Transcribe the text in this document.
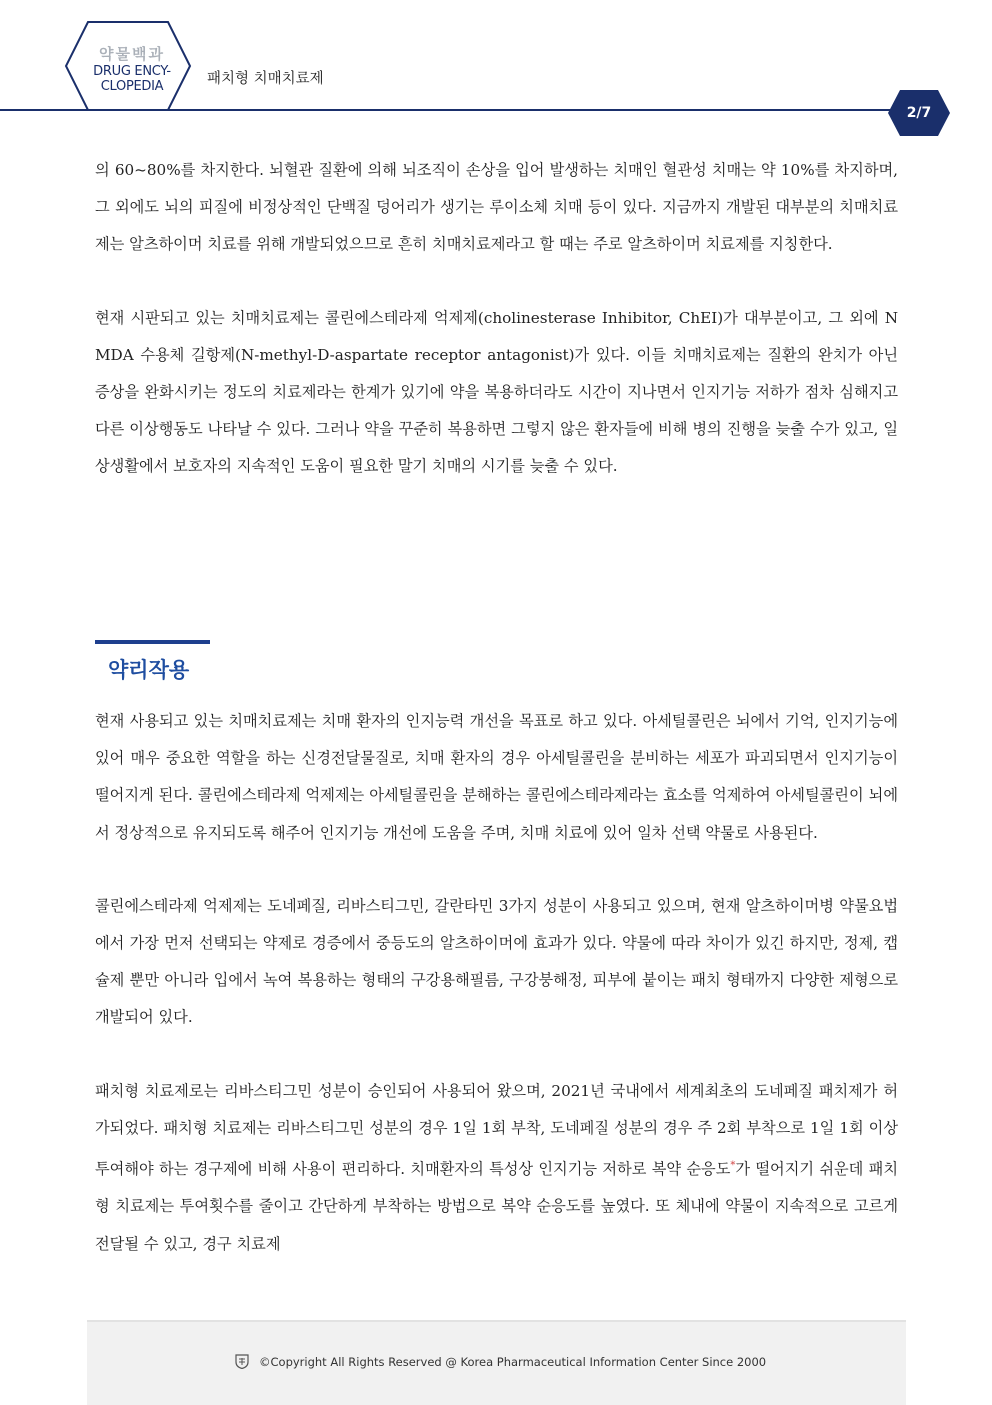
약물백과
DRUG ENCY-
CLOPEDIA	패치형 치매치료제
2/7

의 60~80%를 차지한다. 뇌혈관 질환에 의해 뇌조직이 손상을 입어 발생하는 치매인 혈관성 치매는 약 10%를 차지하며, 그 외에도 뇌의 피질에 비정상적인 단백질 덩어리가 생기는 루이소체 치매 등이 있다. 지금까지 개발된 대부분의 치매치료제는 알츠하이머 치료를 위해 개발되었으므로 흔히 치매치료제라고 할 때는 주로 알츠하이머 치료제를 지칭한다.

현재 시판되고 있는 치매치료제는 콜린에스테라제 억제제(cholinesterase Inhibitor, ChEI)가 대부분이고, 그 외에 NMDA 수용체 길항제(N-methyl-D-aspartate receptor antagonist)가 있다. 이들 치매치료제는 질환의 완치가 아닌 증상을 완화시키는 정도의 치료제라는 한계가 있기에 약을 복용하더라도 시간이 지나면서 인지기능 저하가 점차 심해지고 다른 이상행동도 나타날 수 있다. 그러나 약을 꾸준히 복용하면 그렇지 않은 환자들에 비해 병의 진행을 늦출 수가 있고, 일상생활에서 보호자의 지속적인 도움이 필요한 말기 치매의 시기를 늦출 수 있다.

약리작용

현재 사용되고 있는 치매치료제는 치매 환자의 인지능력 개선을 목표로 하고 있다. 아세틸콜린은 뇌에서 기억, 인지기능에 있어 매우 중요한 역할을 하는 신경전달물질로, 치매 환자의 경우 아세틸콜린을 분비하는 세포가 파괴되면서 인지기능이 떨어지게 된다. 콜린에스테라제 억제제는 아세틸콜린을 분해하는 콜린에스테라제라는 효소를 억제하여 아세틸콜린이 뇌에서 정상적으로 유지되도록 해주어 인지기능 개선에 도움을 주며, 치매 치료에 있어 일차 선택 약물로 사용된다.

콜린에스테라제 억제제는 도네페질, 리바스티그민, 갈란타민 3가지 성분이 사용되고 있으며, 현재 알츠하이머병 약물요법에서 가장 먼저 선택되는 약제로 경증에서 중등도의 알츠하이머에 효과가 있다. 약물에 따라 차이가 있긴 하지만, 정제, 캡슐제 뿐만 아니라 입에서 녹여 복용하는 형태의 구강용해필름, 구강붕해정, 피부에 붙이는 패치 형태까지 다양한 제형으로 개발되어 있다.

패치형 치료제로는 리바스티그민 성분이 승인되어 사용되어 왔으며, 2021년 국내에서 세계최초의 도네페질 패치제가 허가되었다. 패치형 치료제는 리바스티그민 성분의 경우 1일 1회 부착, 도네페질 성분의 경우 주 2회 부착으로 1일 1회 이상 투여해야 하는 경구제에 비해 사용이 편리하다. 치매환자의 특성상 인지기능 저하로 복약 순응도*가 떨어지기 쉬운데 패치형 치료제는 투여횟수를 줄이고 간단하게 부착하는 방법으로 복약 순응도를 높였다. 또 체내에 약물이 지속적으로 고르게 전달될 수 있고, 경구 치료제

©Copyright All Rights Reserved @ Korea Pharmaceutical Information Center Since 2000
